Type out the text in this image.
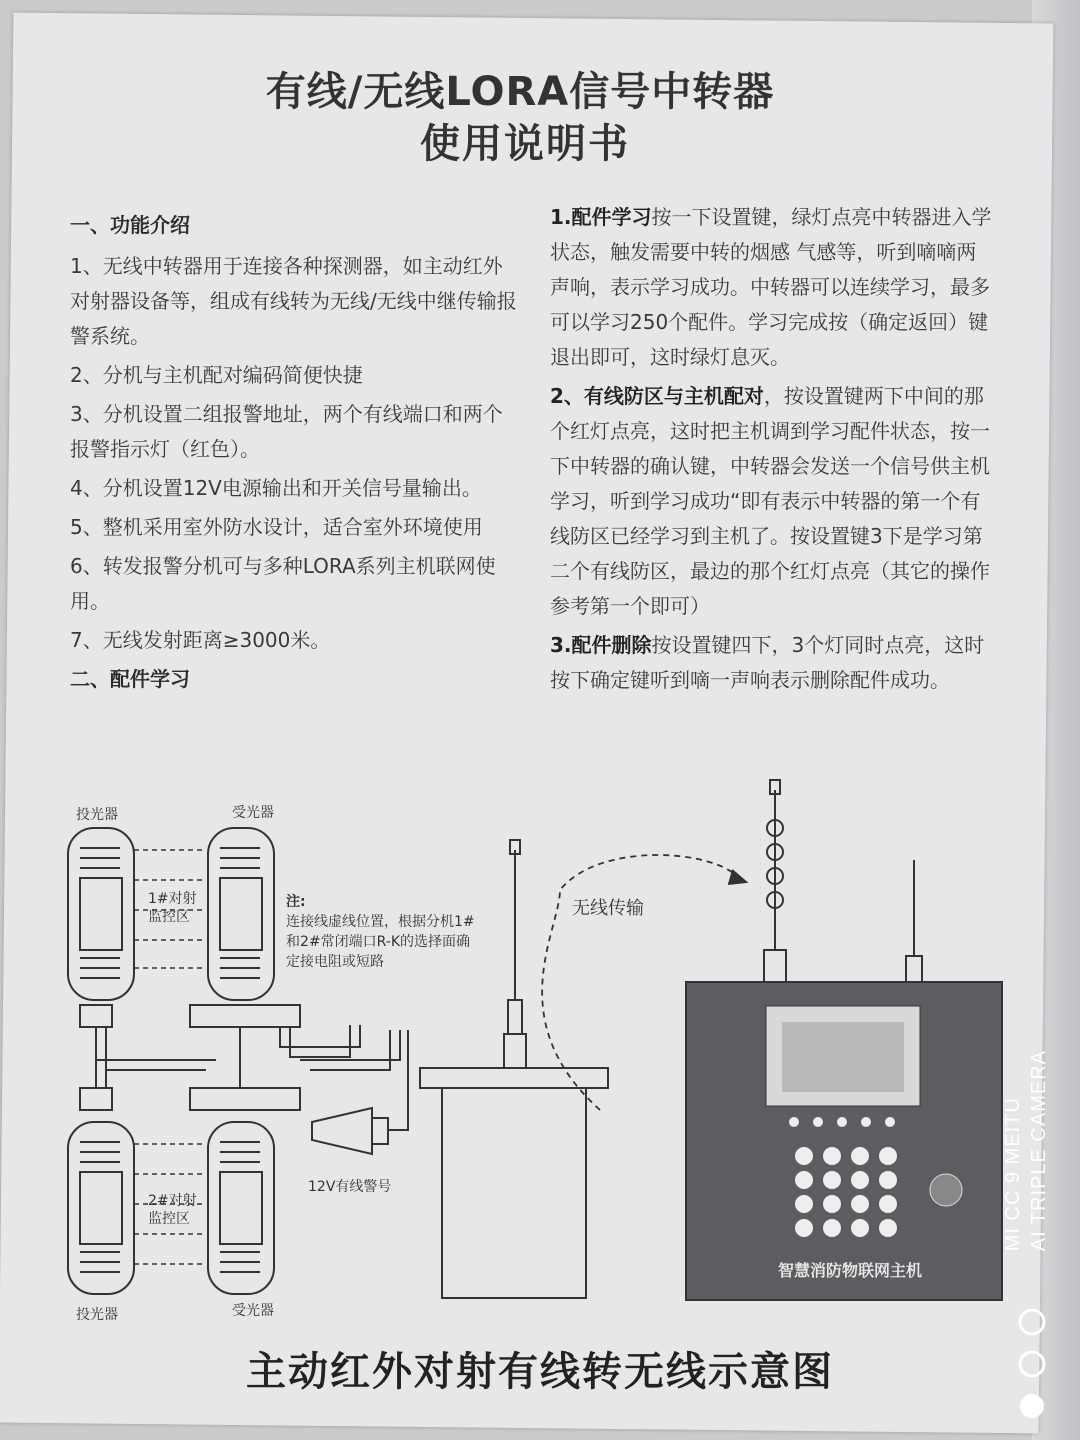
有线/无线LORA信号中转器
使用说明书
一、功能介绍

1、无线中转器用于连接各种探测器，如主动红外对射器设备等，组成有线转为无线/无线中继传输报警系统。

2、分机与主机配对编码简便快捷

3、分机设置二组报警地址，两个有线端口和两个报警指示灯（红色）。

4、分机设置12V电源输出和开关信号量输出。

5、整机采用室外防水设计，适合室外环境使用

6、转发报警分机可与多种LORA系列主机联网使用。

7、无线发射距离≥3000米。

二、配件学习

1.配件学习按一下设置键，绿灯点亮中转器进入学状态，触发需要中转的烟感 气感等，听到嘀嘀两声响，表示学习成功。中转器可以连续学习，最多可以学习250个配件。学习完成按（确定返回）键退出即可，这时绿灯息灭。

2、有线防区与主机配对，按设置键两下中间的那个红灯点亮，这时把主机调到学习配件状态，按一下中转器的确认键，中转器会发送一个信号供主机学习，听到学习成功“即有表示中转器的第一个有线防区已经学习到主机了。按设置键3下是学习第二个有线防区，最边的那个红灯点亮（其它的操作参考第一个即可）

3.配件删除按设置键四下，3个灯同时点亮，这时按下确定键听到嘀一声响表示删除配件成功。

投光器	受光器
1#对射
监控区
2#对射
监控区
投光器	受光器
注:
连接线虚线位置，根据分机1#和2#常闭端口R-K的选择面确定接电阻或短路
12V有线警号
无线传输
智慧消防物联网主机
主动红外对射有线转无线示意图
MI CC 9 MEITU AI TRIPLE CAMERA
